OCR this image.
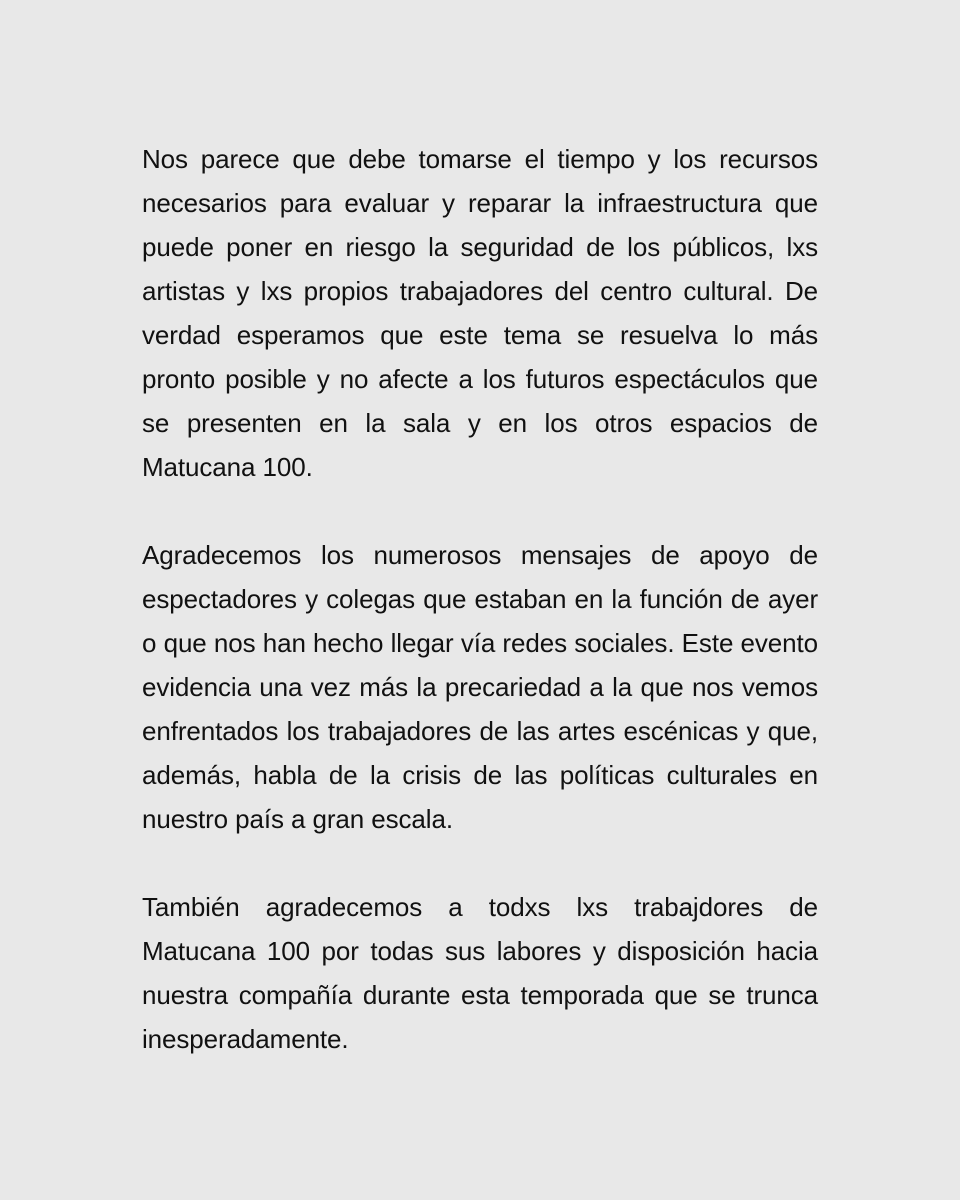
Nos parece que debe tomarse el tiempo y los recursos necesarios para evaluar y reparar la infraestructura que puede poner en riesgo la seguridad de los públicos, lxs artistas y lxs propios trabajadores del centro cultural. De verdad esperamos que este tema se resuelva lo más pronto posible y no afecte a los futuros espectáculos que se presenten en la sala y en los otros espacios de Matucana 100.

Agradecemos los numerosos mensajes de apoyo de espectadores y colegas que estaban en la función de ayer o que nos han hecho llegar vía redes sociales. Este evento evidencia una vez más la precariedad a la que nos vemos enfrentados los trabajadores de las artes escénicas y que, además, habla de la crisis de las políticas culturales en nuestro país a gran escala.

También agradecemos a todxs lxs trabajdores de Matucana 100 por todas sus labores y disposición hacia nuestra compañía durante esta temporada que se trunca inesperadamente.
